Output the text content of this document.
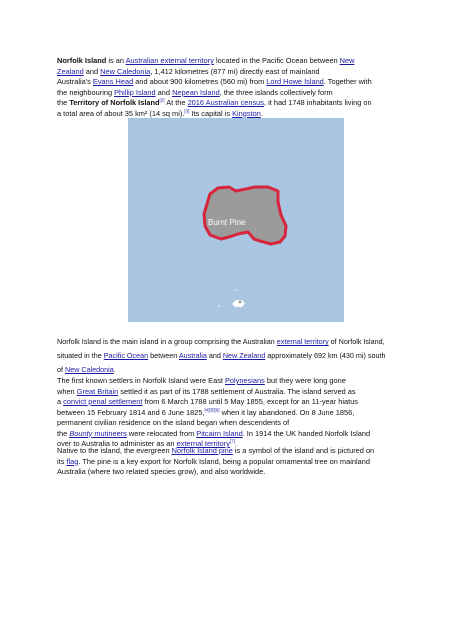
Norfolk Island is an Australian external territory located in the Pacific Ocean between New
Zealand and New Caledonia, 1,412 kilometres (877 mi) directly east of mainland
Australia's Evans Head and about 900 kilometres (560 mi) from Lord Howe Island. Together with
the neighbouring Phillip Island and Nepean Island, the three islands collectively form
the Territory of Norfolk Island[2] At the 2016 Australian census, it had 1748 inhabitants living on
a total area of about 35 km² (14 sq mi).[3] Its capital is Kingston.
Burnt Pine
Norfolk Island is the main island in a group comprising the Australian external territory of Norfolk Island,
situated in the Pacific Ocean between Australia and New Zealand approximately 692 km (430 mi) south
of New Caledonia.
The first known settlers in Norfolk Island were East Polynesians but they were long gone
when Great Britain settled it as part of its 1788 settlement of Australia. The island served as
a convict penal settlement from 6 March 1788 until 5 May 1855, except for an 11-year hiatus
between 15 February 1814 and 6 June 1825,[4][5][6] when it lay abandoned. On 8 June 1856,
permanent civilian residence on the island began when descendents of
the Bounty mutineers were relocated from Pitcairn Island. In 1914 the UK handed Norfolk Island
over to Australia to administer as an external territory[7].
Native to the island, the evergreen Norfolk Island pine is a symbol of the island and is pictured on
its flag. The pine is a key export for Norfolk Island, being a popular ornamental tree on mainland
Australia (where two related species grow), and also worldwide.
